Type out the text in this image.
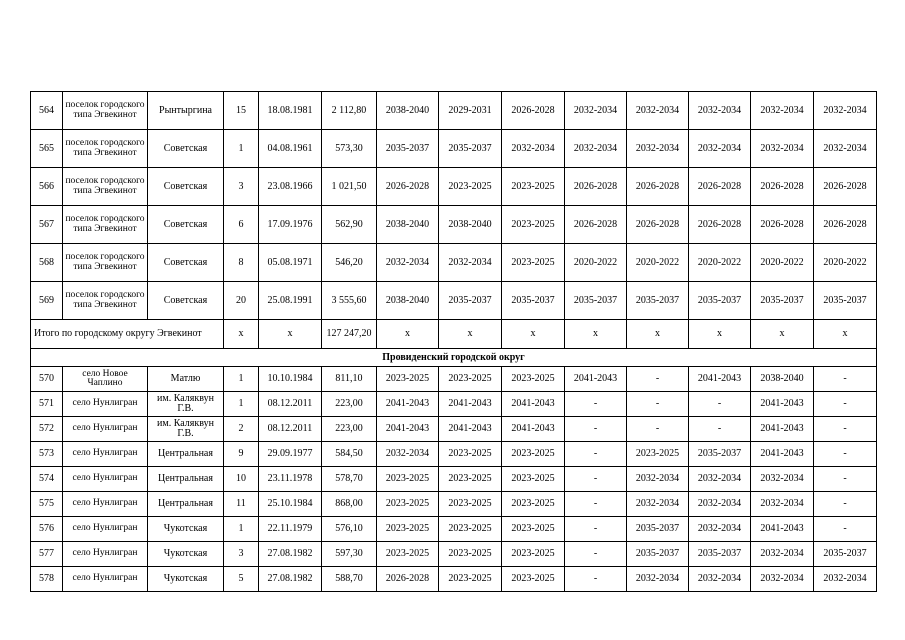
564	поселок городского типа Эгвекинот	Рынтыргина	15	18.08.1981	2 112,80	2038-2040	2029-2031	2026-2028	2032-2034	2032-2034	2032-2034	2032-2034	2032-2034
565	поселок городского типа Эгвекинот	Советская	1	04.08.1961	573,30	2035-2037	2035-2037	2032-2034	2032-2034	2032-2034	2032-2034	2032-2034	2032-2034
566	поселок городского типа Эгвекинот	Советская	3	23.08.1966	1 021,50	2026-2028	2023-2025	2023-2025	2026-2028	2026-2028	2026-2028	2026-2028	2026-2028
567	поселок городского типа Эгвекинот	Советская	6	17.09.1976	562,90	2038-2040	2038-2040	2023-2025	2026-2028	2026-2028	2026-2028	2026-2028	2026-2028
568	поселок городского типа Эгвекинот	Советская	8	05.08.1971	546,20	2032-2034	2032-2034	2023-2025	2020-2022	2020-2022	2020-2022	2020-2022	2020-2022
569	поселок городского типа Эгвекинот	Советская	20	25.08.1991	3 555,60	2038-2040	2035-2037	2035-2037	2035-2037	2035-2037	2035-2037	2035-2037	2035-2037
Итого по городскому округу Эгвекинот			х	х	127 247,20	х	х	х	х	х	х	х	х
Провиденский городской округ													
570	село Новое Чаплино	Матлю	1	10.10.1984	811,10	2023-2025	2023-2025	2023-2025	2041-2043	-	2041-2043	2038-2040	-
571	село Нунлигран	им. Каляквун Г.В.	1	08.12.2011	223,00	2041-2043	2041-2043	2041-2043	-	-	-	2041-2043	-
572	село Нунлигран	им. Каляквун Г.В.	2	08.12.2011	223,00	2041-2043	2041-2043	2041-2043	-	-	-	2041-2043	-
573	село Нунлигран	Центральная	9	29.09.1977	584,50	2032-2034	2023-2025	2023-2025	-	2023-2025	2035-2037	2041-2043	-
574	село Нунлигран	Центральная	10	23.11.1978	578,70	2023-2025	2023-2025	2023-2025	-	2032-2034	2032-2034	2032-2034	-
575	село Нунлигран	Центральная	11	25.10.1984	868,00	2023-2025	2023-2025	2023-2025	-	2032-2034	2032-2034	2032-2034	-
576	село Нунлигран	Чукотская	1	22.11.1979	576,10	2023-2025	2023-2025	2023-2025	-	2035-2037	2032-2034	2041-2043	-
577	село Нунлигран	Чукотская	3	27.08.1982	597,30	2023-2025	2023-2025	2023-2025	-	2035-2037	2035-2037	2032-2034	2035-2037
578	село Нунлигран	Чукотская	5	27.08.1982	588,70	2026-2028	2023-2025	2023-2025	-	2032-2034	2032-2034	2032-2034	2032-2034
